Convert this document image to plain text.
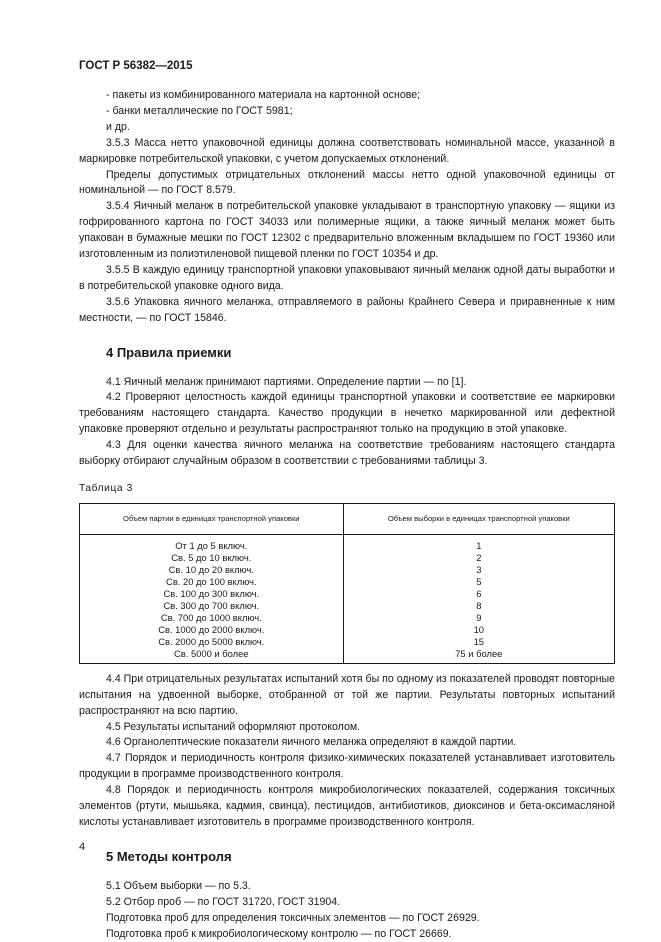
ГОСТ Р 56382—2015
- пакеты из комбинированного материала на картонной основе;
- банки металлические по ГОСТ 5981;
и др.
3.5.3 Масса нетто упаковочной единицы должна соответствовать номинальной массе, указанной в маркировке потребительской упаковки, с учетом допускаемых отклонений.
Пределы допустимых отрицательных отклонений массы нетто одной упаковочной единицы от номинальной — по ГОСТ 8.579.
3.5.4 Яичный меланж в потребительской упаковке укладывают в транспортную упаковку — ящики из гофрированного картона по ГОСТ 34033 или полимерные ящики, а также яичный меланж может быть упакован в бумажные мешки по ГОСТ 12302 с предварительно вложенным вкладышем по ГОСТ 19360 или изготовленным из полиэтиленовой пищевой пленки по ГОСТ 10354 и др.
3.5.5 В каждую единицу транспортной упаковки упаковывают яичный меланж одной даты выработки и в потребительской упаковке одного вида.
3.5.6 Упаковка яичного меланжа, отправляемого в районы Крайнего Севера и приравненные к ним местности, — по ГОСТ 15846.
4 Правила приемки
4.1 Яичный меланж принимают партиями. Определение партии — по [1].
4.2 Проверяют целостность каждой единицы транспортной упаковки и соответствие ее маркировки требованиям настоящего стандарта. Качество продукции в нечетко маркированной или дефектной упаковке проверяют отдельно и результаты распространяют только на продукцию в этой упаковке.
4.3 Для оценки качества яичного меланжа на соответствие требованиям настоящего стандарта выборку отбирают случайным образом в соответствии с требованиями таблицы 3.
Таблица 3
Объем партии в единицах транспортной упаковки	Объем выборки в единицах транспортной упаковки
От 1 до 5 включ.	1
Св. 5 до 10 включ.	2
Св. 10 до 20 включ.	3
Св. 20 до 100 включ.	5
Св. 100 до 300 включ.	6
Св. 300 до 700 включ.	8
Св. 700 до 1000 включ.	9
Св. 1000 до 2000 включ.	10
Св. 2000 до 5000 включ.	15
Св. 5000 и более	75 и более
4.4 При отрицательных результатах испытаний хотя бы по одному из показателей проводят повторные испытания на удвоенной выборке, отобранной от той же партии. Результаты повторных испытаний распространяют на всю партию.
4.5 Результаты испытаний оформляют протоколом.
4.6 Органолептические показатели яичного меланжа определяют в каждой партии.
4.7 Порядок и периодичность контроля физико-химических показателей устанавливает изготовитель продукции в программе производственного контроля.
4.8 Порядок и периодичность контроля микробиологических показателей, содержания токсичных элементов (ртути, мышьяка, кадмия, свинца), пестицидов, антибиотиков, диоксинов и бета-оксимасляной кислоты устанавливает изготовитель в программе производственного контроля.
5 Методы контроля
5.1 Объем выборки — по 5.3.
5.2 Отбор проб — по ГОСТ 31720, ГОСТ 31904.
Подготовка проб для определения токсичных элементов — по ГОСТ 26929.
Подготовка проб к микробиологическому контролю — по ГОСТ 26669.
4
